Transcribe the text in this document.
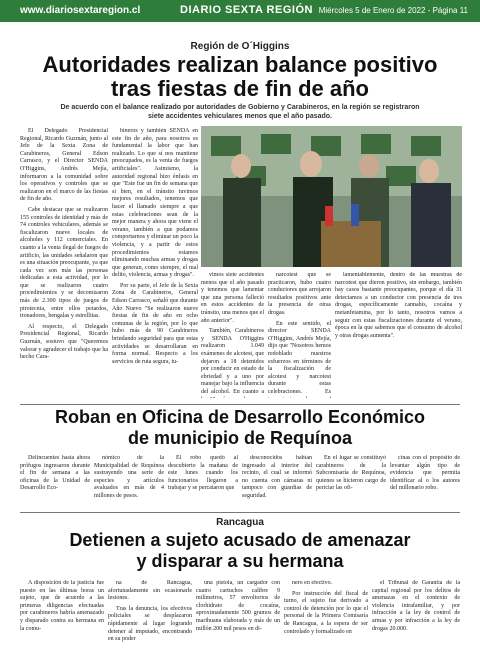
www.diariosextaregion.cl	DIARIO SEXTA REGIÓN Miércoles 5 de Enero de 2022 - Página 11
Región de O´Higgins
Autoridades realizan balance positivo
tras fiestas de fin de año
De acuerdo con el balance realizado por autoridades de Gobierno y Carabineros, en la región se registraron
siete accidentes vehiculares menos que el año pasado.

El Delegado Presidencial Regional, Ricardo Guzmán, junto al Jefe de la Sexta Zona de Carabineros, General Edson Carrasco, y el Director SENDA O'Higgins, Andrés Mejía, informaron a la comunidad sobre los operativos y controles que se realizaron en el marco de las fiestas de fin de año.

Cabe destacar que se realizaron 155 controles de identidad y más de 74 controles vehiculares, además se fiscalizaron nueve locales de alcoholes y 112 comerciales. En cuanto a la venta ilegal de fuegos de artificio, las unidades señalaron que es una situación preocupante, ya que cada vez son más las personas dedicadas a esta actividad, por lo que se realizaron cuatro procedimientos y se decomisaron más de 2.300 tipos de juegos de pirotecnia, entre ellos petardos, tronadores, bengalas y estrellitas.

Al respecto, el Delegado Presidencial Regional, Ricardo Guzmán, sostuvo que "Queremos valorar y agradecer el trabajo que ha hecho Cara-

bineros y también SENDA en este fin de año, para nosotros es fundamental la labor que han realizado. Lo que sí nos mantiene preocupados, es la venta de fuegos artificiales". Asimismo, la autoridad regional hizo énfasis en que "Este fue un fin de semana que si bien, en el tránsito tuvimos mejores resultados, tenemos que hacer el llamado siempre a que estas celebraciones sean de la mejor manera y ahora que viene el verano, también a que podamos comportarnos y eliminar un poco la violencia, y a partir de estos procedimientos estamos eliminando muchas armas y drogas que generan, como siempre, el mal delito, violencia, armas y drogas".

Por su parte, el Jefe de la Sexta Zona de Carabineros, General Edson Carrasco, señaló que durante Año Nuevo "Se realizaron nueve fiestas de fin de año en ocho comunas de la región, por lo que hubo más de 90 Carabineros brindando seguridad para que estas actividades se desarrollaran en forma normal. Respecto a los servicios de ruta segura, tu-

vimos siete accidentes menos que el año pasado y tenemos que lamentar que una persona falleció en estos accidentes de tránsito, una menos que el año anterior".

También, Carabineros y SENDA O'Higgins realizaron 1.049 exámenes de alcotest, que dejaron a 18 detenidos por conducir en estado de ebriedad y a uno por manejar bajo la influencia del alcohol. En cuanto a

narcotest que se practicaron, hubo cuatro conductores que arrojaron resultados positivos ante la presencia de otras drogas.

En este sentido, el director SENDA O'Higgins, Andrés Mejía, dijo que "Nosotros hemos redoblado nuestros esfuerzos en términos de la fiscalización de alcotest y narcotest durante estas celebraciones. Es

lamentablemente, dentro de las muestras de narcotest que dieron positivo, sin embargo, también hay casos bastante preocupantes, porque el día 31 detectamos a un conductor con presencia de tres drogas, específicamente cannabis, cocaína y metanfetamina, por lo tanto, nosotros vamos a seguir con estas fiscalizaciones durante el verano, época en la que sabemos que el consumo de alcohol y otras drogas aumenta".

Roban en Oficina de Desarrollo Económico
de municipio de Requínoa

Delincuentes hasta ahora prófugos ingresaron durante el fin de semana a las oficinas de la Unidad de Desarrollo Eco-

nómico de la Municipalidad de Requínoa sustrayendo una serie de especies y artículos avaluados en más de 4 millones de pesos.

El robo quedó al descubierto la mañana de este lunes cuando los funcionarios llegaron a trabajar y se percataron que

desconocidos habían ingresado al interior del recinto, el cual se informó no cuenta con cámaras ni tampoco con guardias de seguridad.

En el lugar se constituyó carabineros de la Subcomisaría de Requínoa, quienes se hicieron cargo de periciar las ofi-

cinas con el propósito de levantar algún tipo de evidencia que permita identificar al o los autores del millonario robo.

Rancagua
Detienen a sujeto acusado de amenazar
y disparar a su hermana

A disposición de la justicia fue puesto en las últimas horas un sujeto, que de acuerdo a las primeras diligencias efectuadas por carabineros habría amenazado y disparado contra su hermana en la comu-

na de Rancagua, afortunadamente sin ocasionarle lesiones.

Tras la denuncia, los efectivos policiales se desplazaron rápidamente al lugar logrando detener al imputado, encontrando en su poder

una pistola, un cargador con cuatro cartuchos calibre 9 milímetros, 57 envoltorios de clorhidrato de cocaína, aproximadamente 500 gramos de marihuana elaborada y más de un millón 200 mil pesos en di-

nero en efectivo.

Por instrucción del fiscal de turno, el sujeto fue derivado a control de detención por lo que el personal de la Primera Comisaría de Rancagua, a la espera de ser controlado y formalizado en

el Tribunal de Garantía de la capital regional por los delitos de amenazas en el contexto de violencia intrafamiliar, y por infracción a la ley de control de armas y por infracción a la ley de drogas 20.000.
